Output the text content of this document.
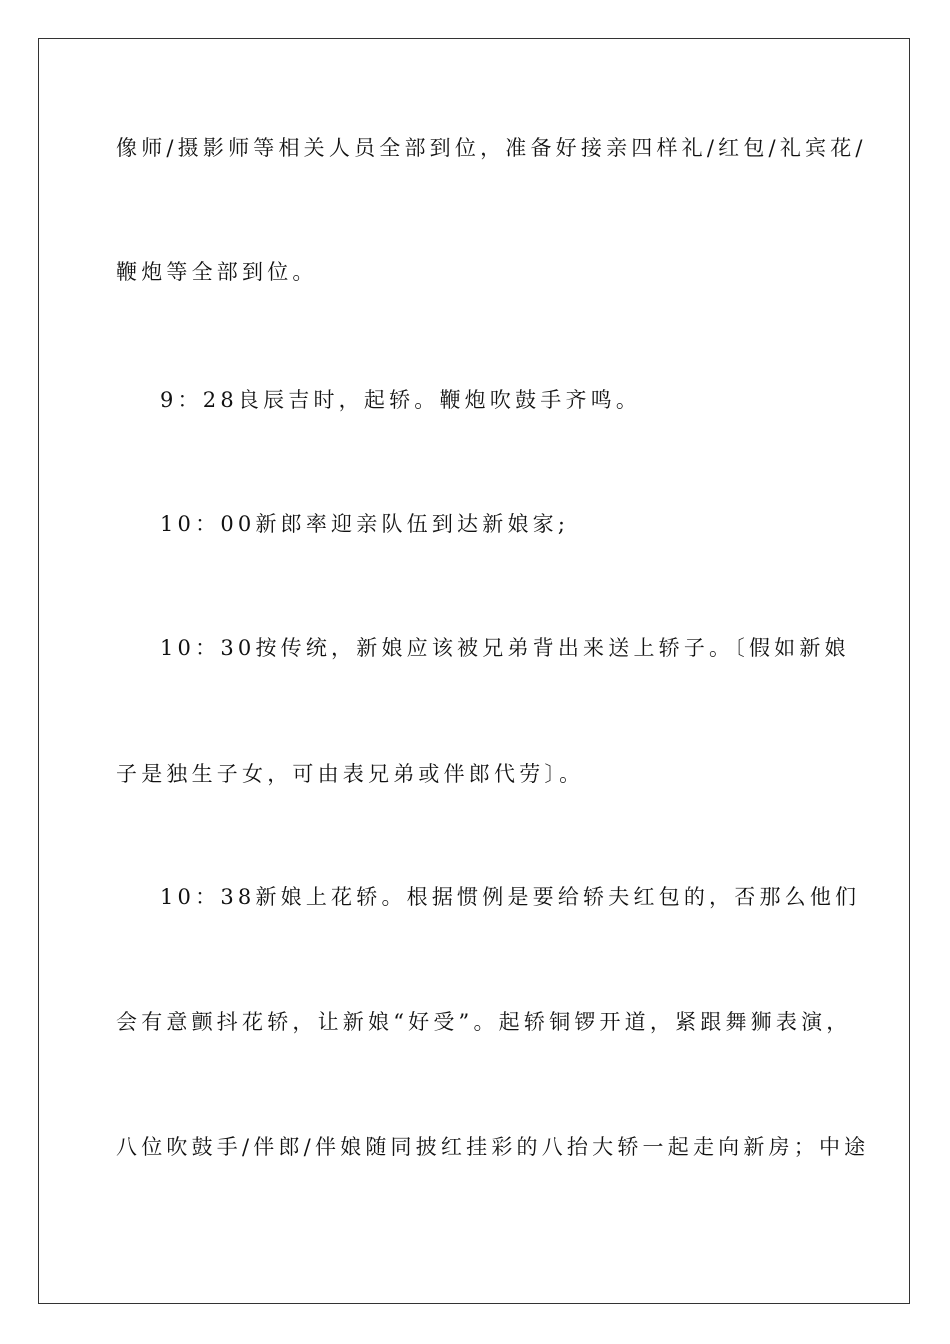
像师/摄影师等相关人员全部到位，准备好接亲四样礼/红包/礼宾花/
鞭炮等全部到位。
9：28良辰吉时，起轿。鞭炮吹鼓手齐鸣。
10：00新郎率迎亲队伍到达新娘家;
10：30按传统，新娘应该被兄弟背出来送上轿子。〔假如新娘
子是独生子女，可由表兄弟或伴郎代劳〕。
10：38新娘上花轿。根据惯例是要给轿夫红包的，否那么他们
会有意颤抖花轿，让新娘“好受”。起轿铜锣开道，紧跟舞狮表演，
八位吹鼓手/伴郎/伴娘随同披红挂彩的八抬大轿一起走向新房；中途
